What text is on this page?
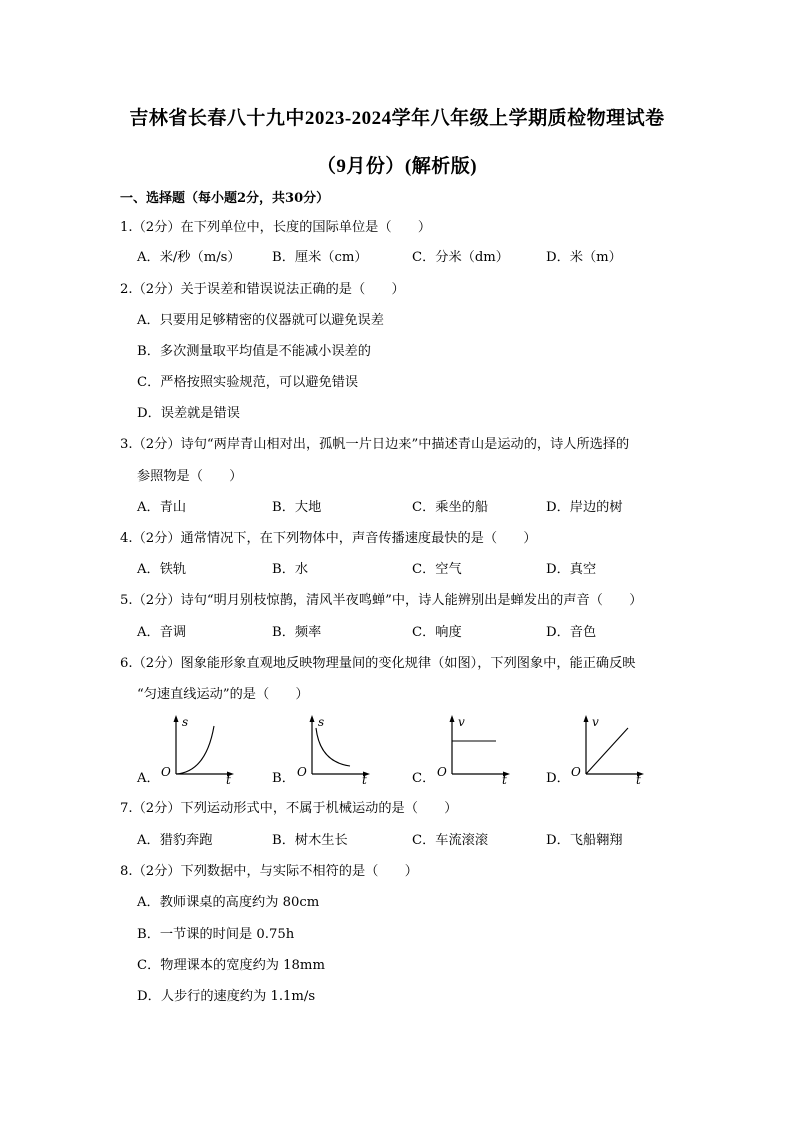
吉林省长春八十九中2023-2024学年八年级上学期质检物理试卷
（9月份）(解析版)
一、选择题（每小题2分，共30分）
1.（2分）在下列单位中，长度的国际单位是（　　）
A．米/秒（m/s） B．厘米（cm）	C．分米（dm）	D．米（m）
2.（2分）关于误差和错误说法正确的是（　　）
A．只要用足够精密的仪器就可以避免误差
B．多次测量取平均值是不能减小误差的
C．严格按照实验规范，可以避免错误
D．误差就是错误
3.（2分）诗句“两岸青山相对出，孤帆一片日边来”中描述青山是运动的，诗人所选择的
参照物是（　　）
A．青山	B．大地	C．乘坐的船	D．岸边的树
4.（2分）通常情况下，在下列物体中，声音传播速度最快的是（　　）
A．铁轨	B．水	C．空气	D．真空
5.（2分）诗句“明月别枝惊鹊，清风半夜鸣蝉”中，诗人能辨别出是蝉发出的声音（　　）
A．音调	B．频率	C．响度	D．音色
6.（2分）图象能形象直观地反映物理量间的变化规律（如图），下列图象中，能正确反映
“匀速直线运动”的是（　　）
A．	B．	C．	D．
s
t
O
s
t
O
v
t
O
v
t
O
7.（2分）下列运动形式中，不属于机械运动的是（　　）
A．猎豹奔跑	B．树木生长	C．车流滚滚	D．飞船翱翔
8.（2分）下列数据中，与实际不相符的是（　　）
A．教师课桌的高度约为 80cm
B．一节课的时间是 0.75h
C．物理课本的宽度约为 18mm
D．人步行的速度约为 1.1m/s
